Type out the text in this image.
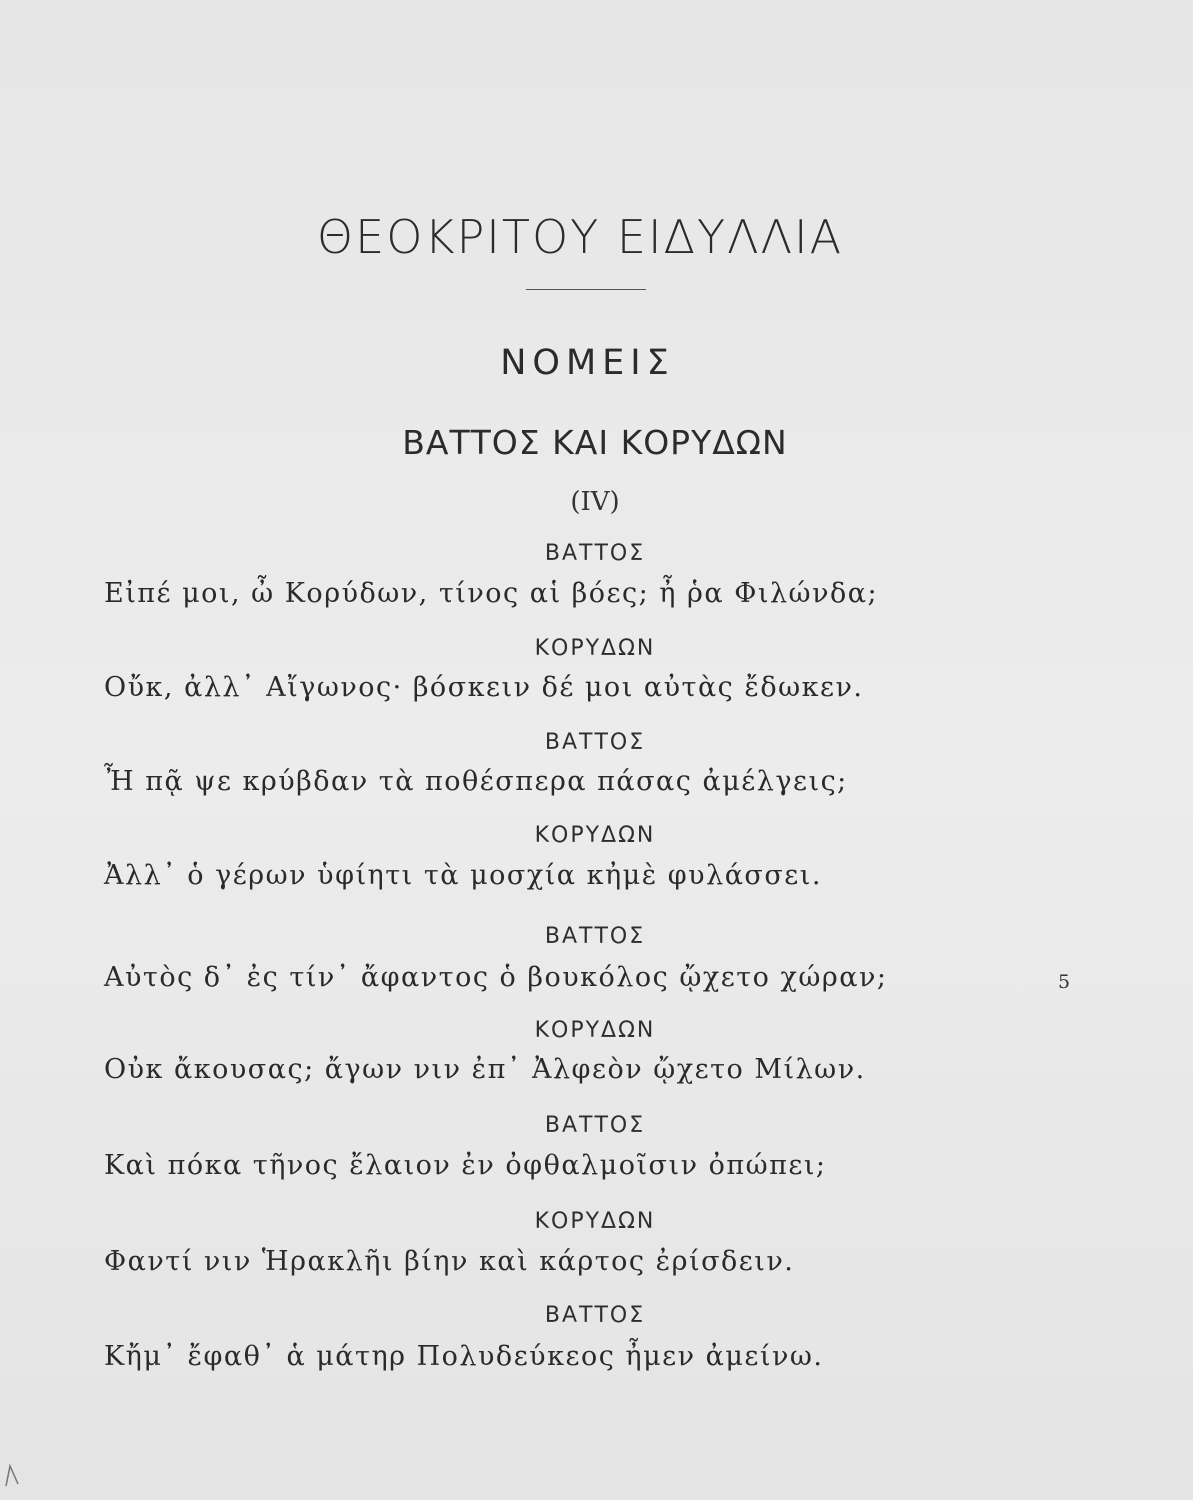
ΘΕΟΚΡΙΤΟΥ ΕΙΔΥΛΛΙΑ
ΝΟΜΕΙΣ
ΒΑΤΤΟΣ ΚΑΙ ΚΟΡΥΔΩΝ
(IV)
ΒΑΤΤΟΣ
Εἰπέ μοι, ὦ Κορύδων, τίνος αἱ βόες; ἦ ῥα Φιλώνδα;
ΚΟΡΥΔΩΝ
Οὔκ, ἀλλ᾽ Αἴγωνος· βόσκειν δέ μοι αὐτὰς ἔδωκεν.
ΒΑΤΤΟΣ
Ἦ πᾷ ψε κρύβδαν τὰ ποθέσπερα πάσας ἀμέλγεις;
ΚΟΡΥΔΩΝ
Ἀλλ᾽ ὁ γέρων ὑφίητι τὰ μοσχία κἠμὲ φυλάσσει.
ΒΑΤΤΟΣ
Αὐτὸς δ᾽ ἐς τίν᾽ ἄφαντος ὁ βουκόλος ᾤχετο χώραν;	5
ΚΟΡΥΔΩΝ
Οὐκ ἄκουσας; ἄγων νιν ἐπ᾽ Ἀλφεὸν ᾤχετο Μίλων.
ΒΑΤΤΟΣ
Καὶ πόκα τῆνος ἔλαιον ἐν ὀφθαλμοῖσιν ὀπώπει;
ΚΟΡΥΔΩΝ
Φαντί νιν Ἡρακλῆι βίην καὶ κάρτος ἐρίσδειν.
ΒΑΤΤΟΣ
Κἤμ᾽ ἔφαθ᾽ ἁ μάτηρ Πολυδεύκεος ἦμεν ἀμείνω.
